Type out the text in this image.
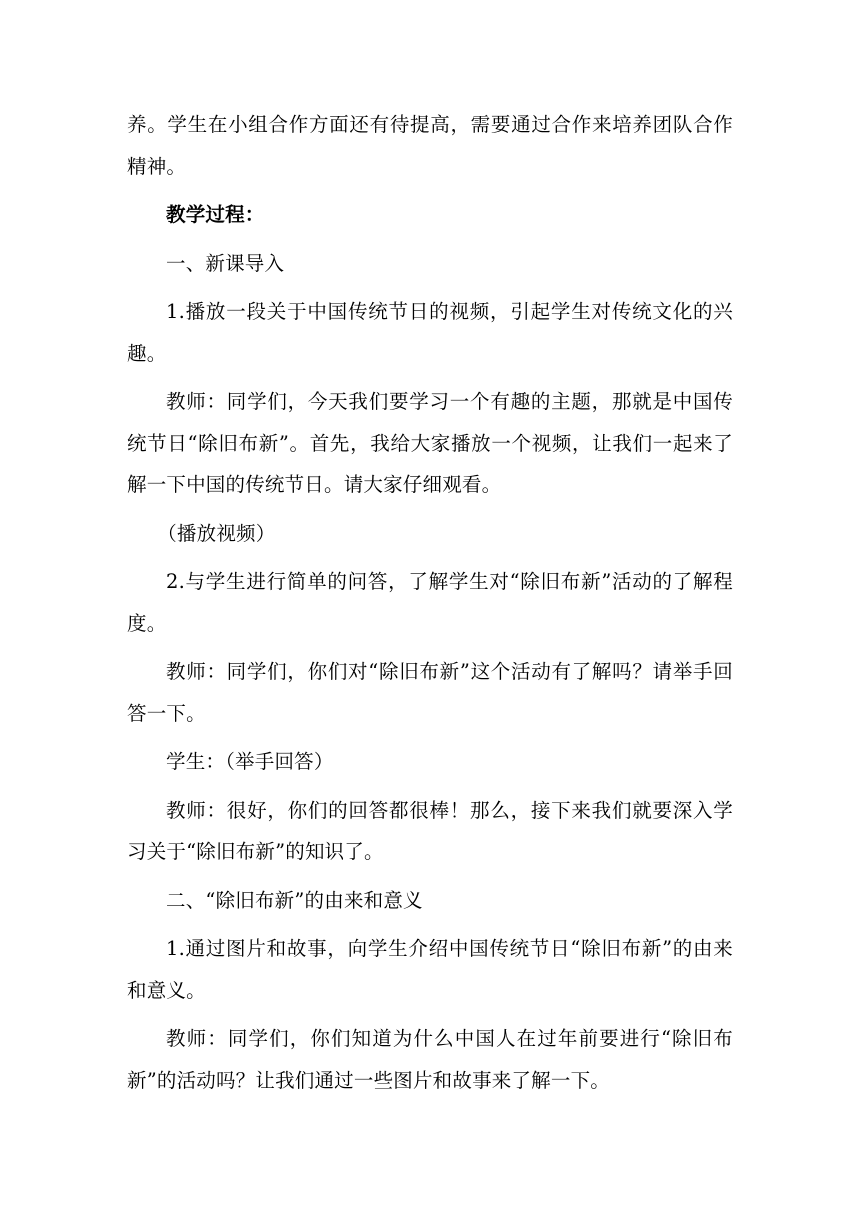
养。学生在小组合作方面还有待提高，需要通过合作来培养团队合作精神。

教学过程：

一、新课导入

1.播放一段关于中国传统节日的视频，引起学生对传统文化的兴趣。

教师：同学们，今天我们要学习一个有趣的主题，那就是中国传统节日“除旧布新”。首先，我给大家播放一个视频，让我们一起来了解一下中国的传统节日。请大家仔细观看。

（播放视频）

2.与学生进行简单的问答，了解学生对“除旧布新”活动的了解程度。

教师：同学们，你们对“除旧布新”这个活动有了解吗？请举手回答一下。

学生：（举手回答）

教师：很好，你们的回答都很棒！那么，接下来我们就要深入学习关于“除旧布新”的知识了。

二、“除旧布新”的由来和意义

1.通过图片和故事，向学生介绍中国传统节日“除旧布新”的由来和意义。

教师：同学们，你们知道为什么中国人在过年前要进行“除旧布新”的活动吗？让我们通过一些图片和故事来了解一下。
